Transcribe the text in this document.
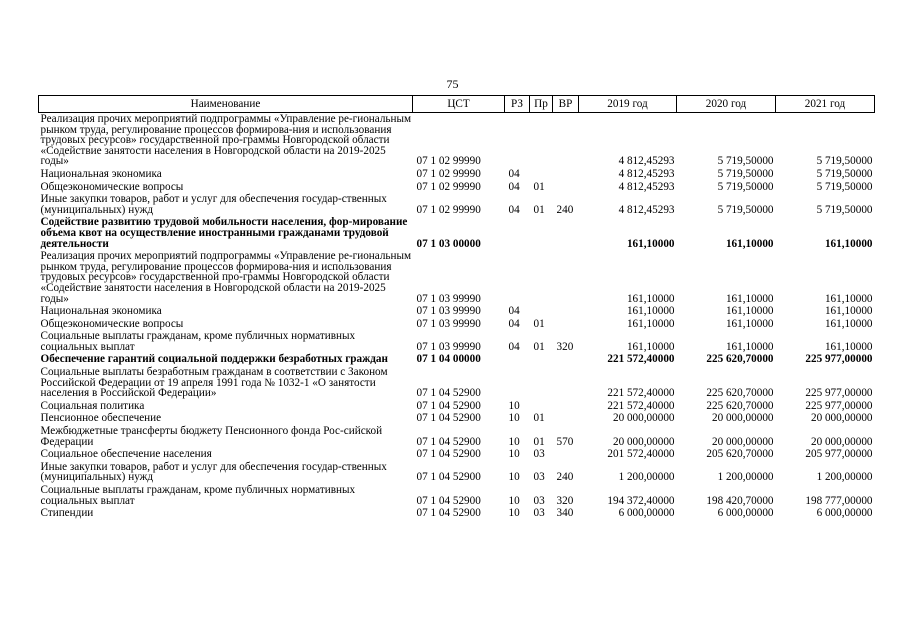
75
Наименование	ЦСТ	РЗ	Пр	ВР	2019 год	2020 год	2021 год
Реализация прочих мероприятий подпрограммы «Управление ре-гиональным рынком труда, регулирование процессов формирова-ния и использования трудовых ресурсов» государственной про-граммы Новгородской области «Содействие занятости населения в Новгородской области на 2019-2025 годы»	07 1 02 99990				4 812,45293	5 719,50000	5 719,50000
Национальная экономика	07 1 02 99990	04			4 812,45293	5 719,50000	5 719,50000
Общеэкономические вопросы	07 1 02 99990	04	01		4 812,45293	5 719,50000	5 719,50000
Иные закупки товаров, работ и услуг для обеспечения государ-ственных (муниципальных) нужд	07 1 02 99990	04	01	240	4 812,45293	5 719,50000	5 719,50000
Содействие развитию трудовой мобильности населения, фор-мирование объема квот на осуществление иностранными гражданами трудовой деятельности	07 1 03 00000				161,10000	161,10000	161,10000
Реализация прочих мероприятий подпрограммы «Управление ре-гиональным рынком труда, регулирование процессов формирова-ния и использования трудовых ресурсов» государственной про-граммы Новгородской области «Содействие занятости населения в Новгородской области на 2019-2025 годы»	07 1 03 99990				161,10000	161,10000	161,10000
Национальная экономика	07 1 03 99990	04			161,10000	161,10000	161,10000
Общеэкономические вопросы	07 1 03 99990	04	01		161,10000	161,10000	161,10000
Социальные выплаты гражданам, кроме публичных нормативных социальных выплат	07 1 03 99990	04	01	320	161,10000	161,10000	161,10000
Обеспечение гарантий социальной поддержки безработных граждан	07 1 04 00000				221 572,40000	225 620,70000	225 977,00000
Социальные выплаты безработным гражданам в соответствии с Законом Российской Федерации от 19 апреля 1991 года № 1032-1 «О занятости населения в Российской Федерации»	07 1 04 52900				221 572,40000	225 620,70000	225 977,00000
Социальная политика	07 1 04 52900	10			221 572,40000	225 620,70000	225 977,00000
Пенсионное обеспечение	07 1 04 52900	10	01		20 000,00000	20 000,00000	20 000,00000
Межбюджетные трансферты бюджету Пенсионного фонда Рос-сийской Федерации	07 1 04 52900	10	01	570	20 000,00000	20 000,00000	20 000,00000
Социальное обеспечение населения	07 1 04 52900	10	03		201 572,40000	205 620,70000	205 977,00000
Иные закупки товаров, работ и услуг для обеспечения государ-ственных (муниципальных) нужд	07 1 04 52900	10	03	240	1 200,00000	1 200,00000	1 200,00000
Социальные выплаты гражданам, кроме публичных нормативных социальных выплат	07 1 04 52900	10	03	320	194 372,40000	198 420,70000	198 777,00000
Стипендии	07 1 04 52900	10	03	340	6 000,00000	6 000,00000	6 000,00000
